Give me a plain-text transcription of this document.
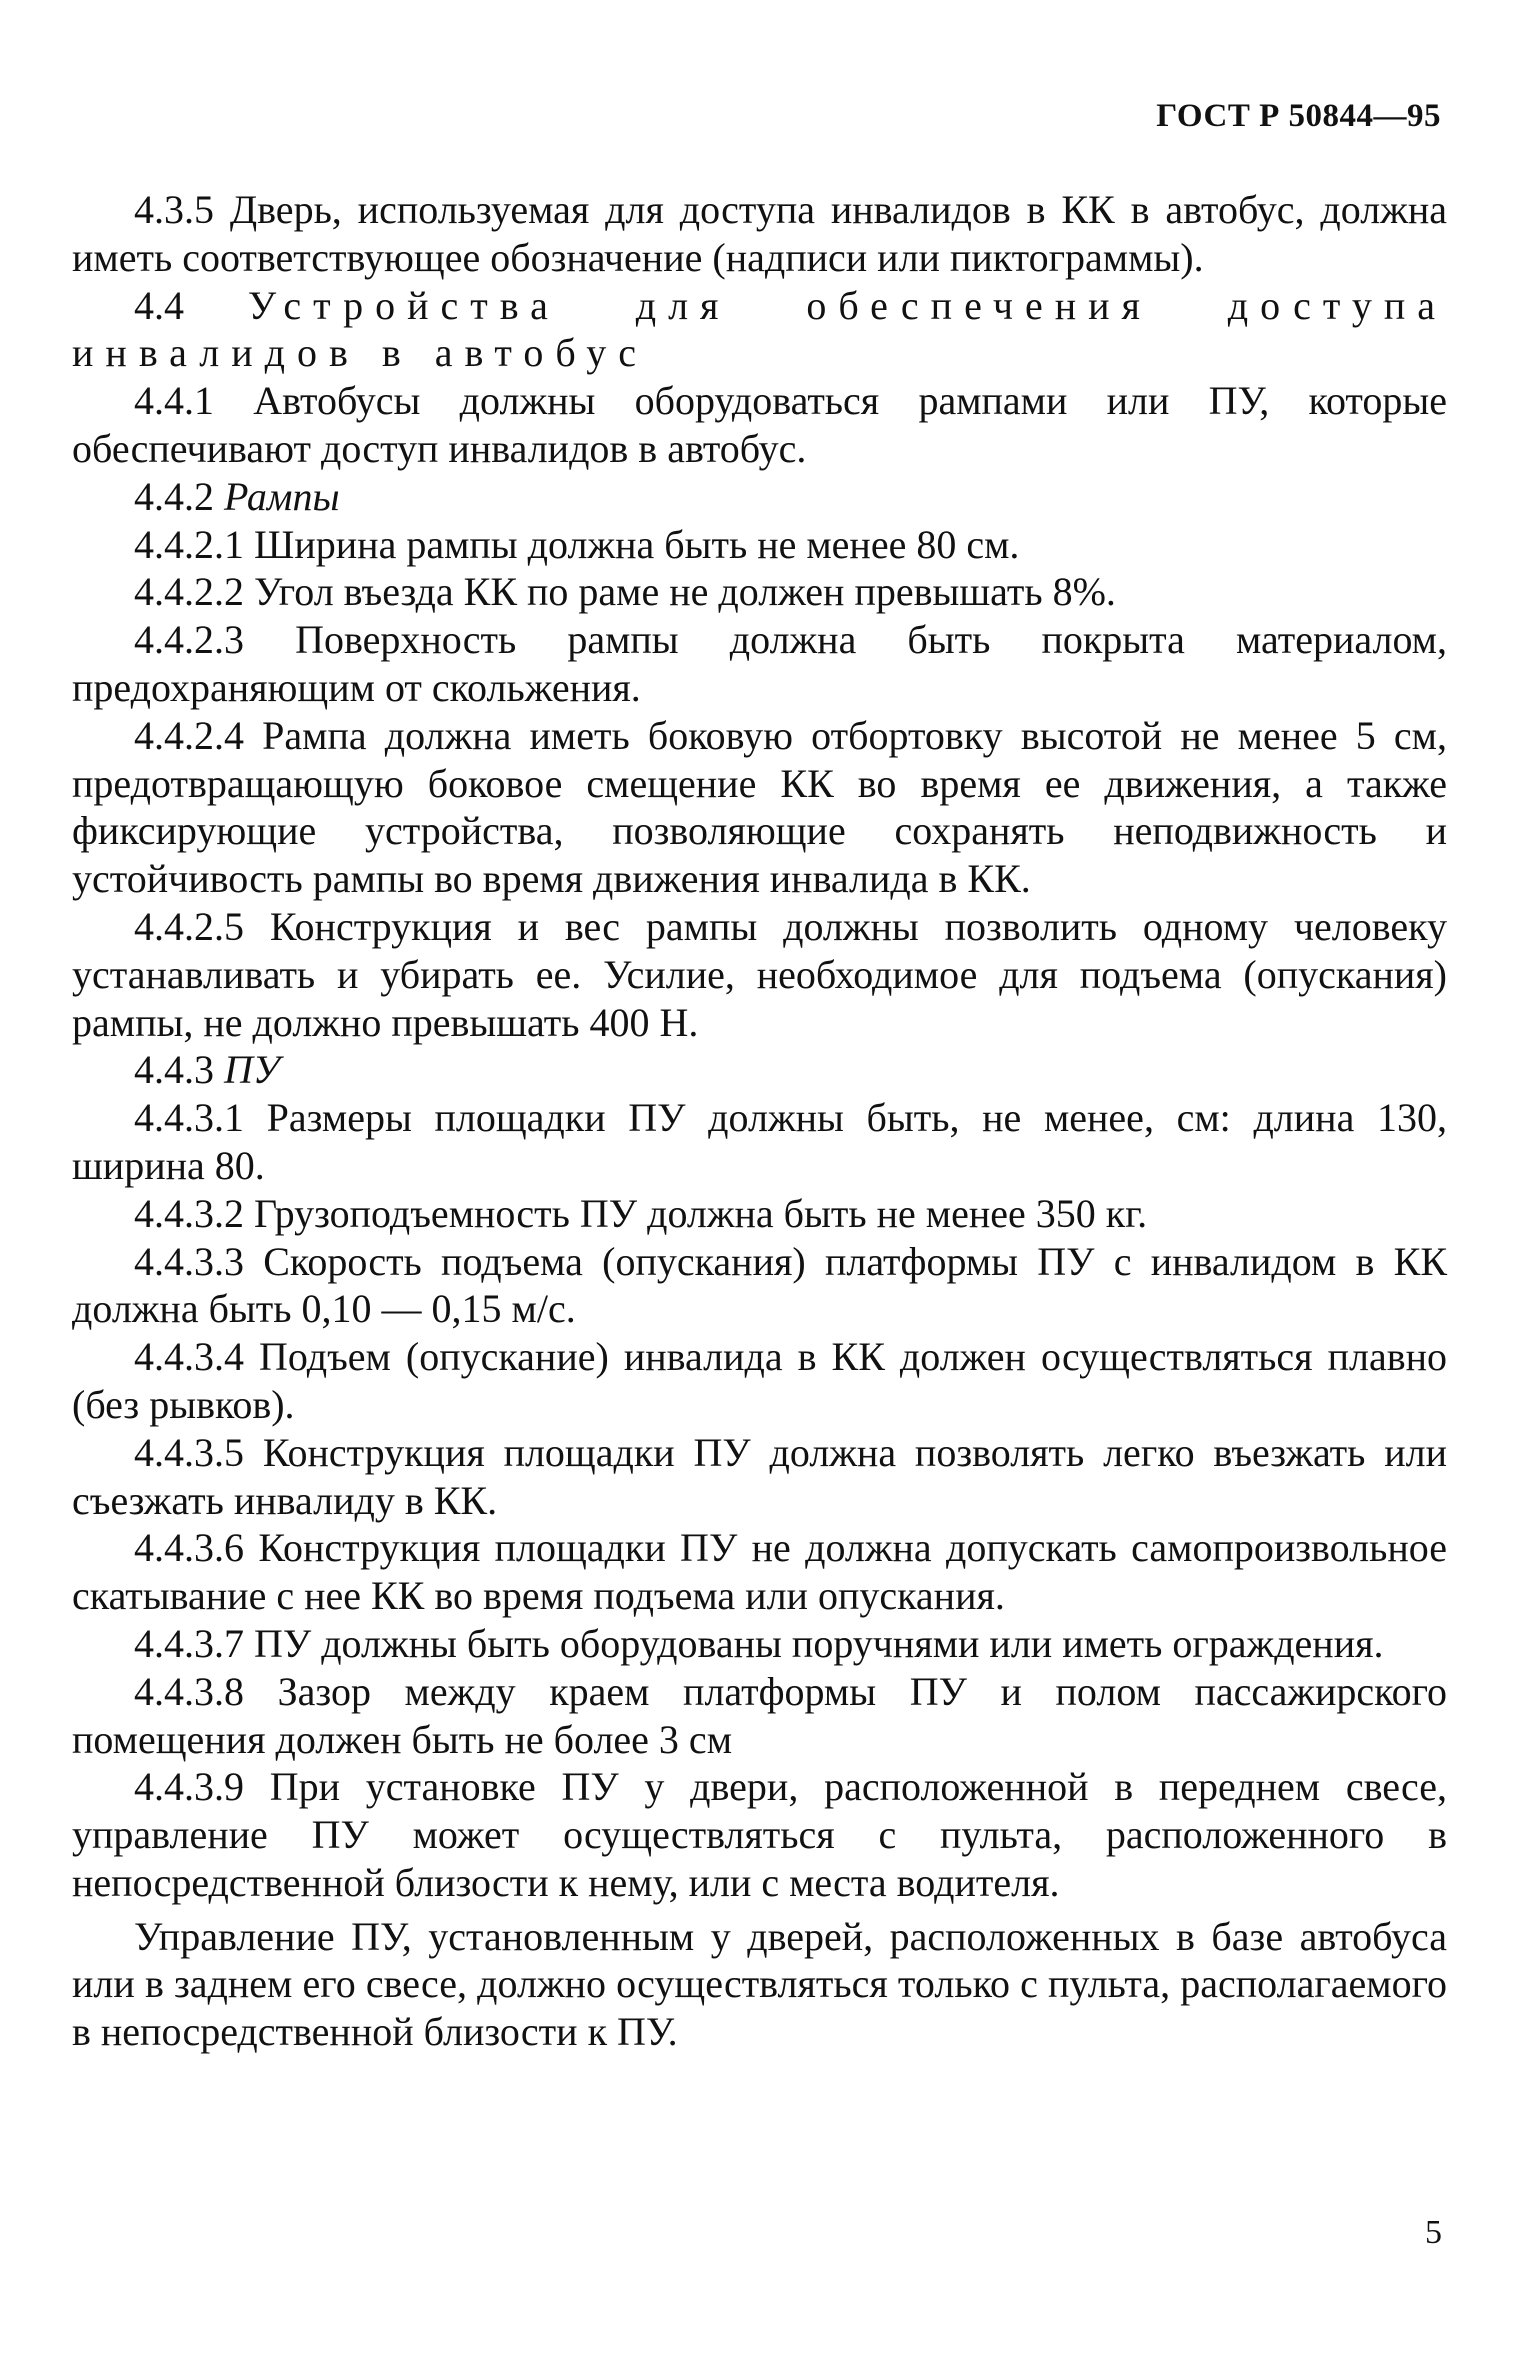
ГОСТ Р 50844—95

4.3.5 Дверь, используемая для доступа инвалидов в КК в автобус, должна иметь соответствующее обозначение (надписи или пиктограммы).

4.4 Устройства для обеспечения доступа инвалидов в автобус

4.4.1 Автобусы должны оборудоваться рампами или ПУ, которые обеспечивают доступ инвалидов в автобус.

4.4.2 Рампы

4.4.2.1 Ширина рампы должна быть не менее 80 см.

4.4.2.2 Угол въезда КК по раме не должен превышать 8%.

4.4.2.3 Поверхность рампы должна быть покрыта материалом, предохраняющим от скольжения.

4.4.2.4 Рампа должна иметь боковую отбортовку высотой не менее 5 см, предотвращающую боковое смещение КК во время ее движения, а также фиксирующие устройства, позволяющие сохранять неподвижность и устойчивость рампы во время движения инвалида в КК.

4.4.2.5 Конструкция и вес рампы должны позволить одному человеку устанавливать и убирать ее. Усилие, необходимое для подъема (опускания) рампы, не должно превышать 400 Н.

4.4.3 ПУ

4.4.3.1 Размеры площадки ПУ должны быть, не менее, см: длина 130, ширина 80.

4.4.3.2 Грузоподъемность ПУ должна быть не менее 350 кг.

4.4.3.3 Скорость подъема (опускания) платформы ПУ с инвалидом в КК должна быть 0,10 — 0,15 м/с.

4.4.3.4 Подъем (опускание) инвалида в КК должен осуществляться плавно (без рывков).

4.4.3.5 Конструкция площадки ПУ должна позволять легко въезжать или съезжать инвалиду в КК.

4.4.3.6 Конструкция площадки ПУ не должна допускать самопроизвольное скатывание с нее КК во время подъема или опускания.

4.4.3.7 ПУ должны быть оборудованы поручнями или иметь ограждения.

4.4.3.8 Зазор между краем платформы ПУ и полом пассажирского помещения должен быть не более 3 см

4.4.3.9 При установке ПУ у двери, расположенной в переднем свесе, управление ПУ может осуществляться с пульта, расположенного в непосредственной близости к нему, или с места водителя.

Управление ПУ, установленным у дверей, расположенных в базе автобуса или в заднем его свесе, должно осуществляться только с пульта, располагаемого в непосредственной близости к ПУ.

5
